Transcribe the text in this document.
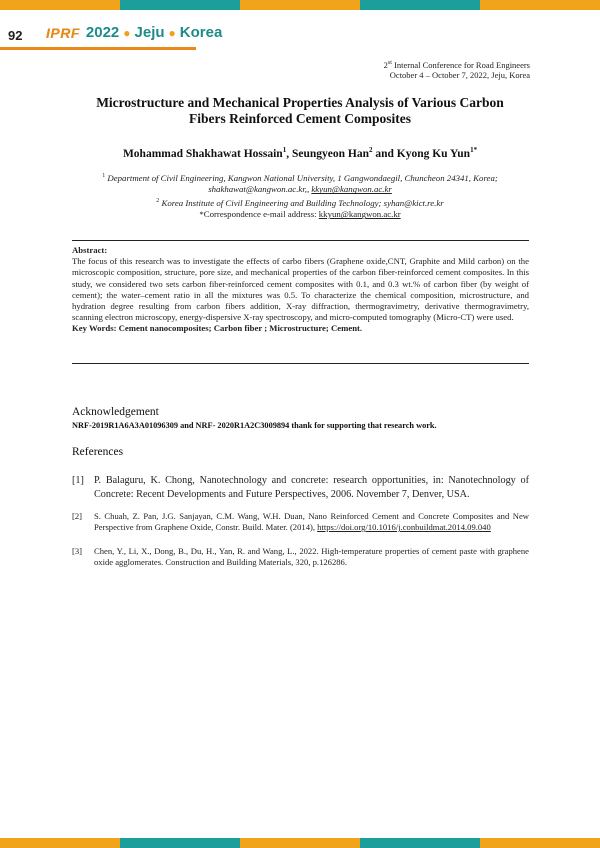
92	IPRF 2022 ● Jeju ● Korea
2st Internal Conference for Road Engineers
October 4 – October 7, 2022, Jeju, Korea
Microstructure and Mechanical Properties Analysis of Various Carbon
Fibers Reinforced Cement Composites
Mohammad Shakhawat Hossain$^1$, Seungyeon Han$^2$ and Kyong Ku Yun$^{1*}$
$^1$ Department of Civil Engineering, Kangwon National University, 1 Gangwondaegil, Chuncheon 24341, Korea;
shakhawat@kangwon.ac.kr,, kkyun@kangwon.ac.kr
$^2$ Korea Institute of Civil Engineering and Building Technology; syhan@kict.re.kr
*Correspondence e-mail address: kkyun@kangwon.ac.kr
Abstract:
The focus of this research was to investigate the effects of carbo fibers (Graphene oxide,CNT, Graphite and Mild carbon) on the microscopic composition, structure, pore size, and mechanical properties of the carbon fiber-reinforced cement composites. In this study, we considered two sets carbon fiber-reinforced cement composites with 0.1, and 0.3 wt.% of carbon fiber (by weight of cement); the water–cement ratio in all the mixtures was 0.5. To characterize the chemical composition, microstructure, and hydration degree resulting from carbon fibers addition, X-ray diffraction, thermogravimetry, derivative thermogravimetry, scanning electron microscopy, energy-dispersive X-ray spectroscopy, and micro-computed tomography (Micro-CT) were used.
Key Words: Cement nanocomposites; Carbon fiber ; Microstructure; Cement.
Acknowledgement
NRF-2019R1A6A3A01096309 and NRF- 2020R1A2C3009894 thank for supporting that research work.
References
[1] P. Balaguru, K. Chong, Nanotechnology and concrete: research opportunities, in: Nanotechnology of Concrete: Recent Developments and Future Perspectives, 2006. November 7, Denver, USA.
[2]	S. Chuah, Z. Pan, J.G. Sanjayan, C.M. Wang, W.H. Duan, Nano Reinforced Cement and Concrete Composites and New Perspective from Graphene Oxide, Constr. Build. Mater. (2014), https://doi.org/10.1016/j.conbuildmat.2014.09.040
[3]	Chen, Y., Li, X., Dong, B., Du, H., Yan, R. and Wang, L., 2022. High-temperature properties of cement paste with graphene oxide agglomerates. Construction and Building Materials, 320, p.126286.
